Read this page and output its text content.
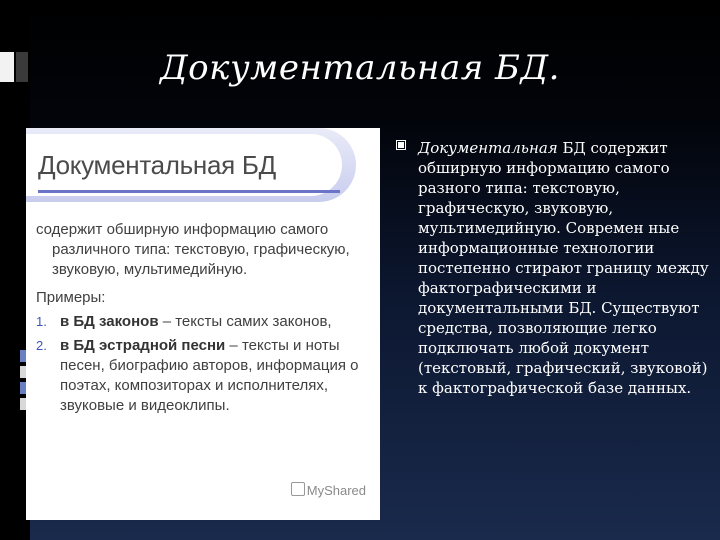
Документальная БД.
Документальная БД
содержит обширную информацию самого
различного типа: текстовую, графическую, звуковую, мультимедийную.
Примеры:
1. в БД законов – тексты самих законов,
2. в БД эстрадной песни – тексты и ноты песен, биографию авторов, информация о поэтах, композиторах и исполнителях, звуковые и видеоклипы.
MyShared
Документальная БД содержит обширную информацию самого разного типа: текстовую, графическую, звуковую, мультимедийную. Современ ные информационные технологии постепенно стирают границу между фактографическими и документальными БД. Существуют средства, позволяющие легко подключать любой документ (текстовый, графический, звуковой) к фактографической базе данных.
